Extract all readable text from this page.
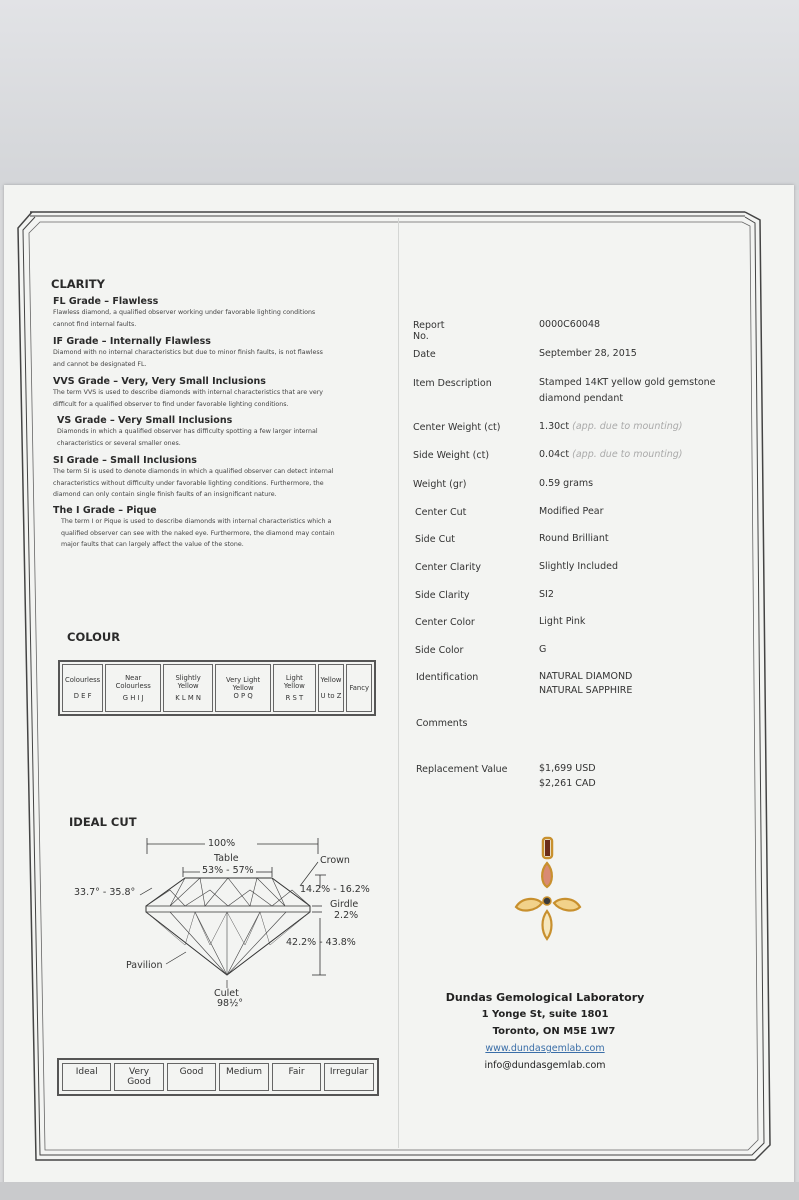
CLARITY
FL Grade – Flawless
Flawless diamond, a qualified observer working under favorable lighting conditions
cannot find internal faults.
IF Grade – Internally Flawless
Diamond with no internal characteristics but due to minor finish faults, is not flawless
and cannot be designated FL.
VVS Grade – Very, Very Small Inclusions
The term VVS is used to describe diamonds with internal characteristics that are very
difficult for a qualified observer to find under favorable lighting conditions.
VS Grade – Very Small Inclusions
Diamonds in which a qualified observer has difficulty spotting a few larger internal
characteristics or several smaller ones.
SI Grade – Small Inclusions
The term SI is used to denote diamonds in which a qualified observer can detect internal
characteristics without difficulty under favorable lighting conditions. Furthermore, the
diamond can only contain single finish faults of an insignificant nature.
The I Grade – Pique
The term I or Pique is used to describe diamonds with internal characteristics which a
qualified observer can see with the naked eye. Furthermore, the diamond may contain
major faults that can largely affect the value of the stone.
COLOUR
Colourless
D E F

Near Colourless
G H I J

Slightly Yellow
K L M N

Very Light Yellow
O P Q

Light Yellow
R S T

Yellow
U to Z

Fancy
IDEAL CUT
100%
Table
53% - 57%
Crown
33.7° - 35.8°	14.2% - 16.2%
Girdle
2.2%
42.2% - 43.8%
Pavilion
Culet
98½°
Ideal	Very Good	Good	Medium	Fair	Irregular
Report No.
0000C60048
Date	September 28, 2015
Item Description	Stamped 14KT yellow gold gemstone
diamond pendant
Center Weight (ct)	1.30ct (app. due to mounting)
Side Weight (ct)	0.04ct (app. due to mounting)
Weight (gr)	0.59 grams
Center Cut	Modified Pear
Side Cut	Round Brilliant
Center Clarity	Slightly Included
Side Clarity	SI2
Center Color	Light Pink
Side Color	G
Identification	NATURAL DIAMOND
NATURAL SAPPHIRE
Comments
Replacement Value	$1,699 USD
$2,261 CAD
Dundas Gemological Laboratory
1 Yonge St, suite 1801
Toronto, ON M5E 1W7
www.dundasgemlab.com
info@dundasgemlab.com
